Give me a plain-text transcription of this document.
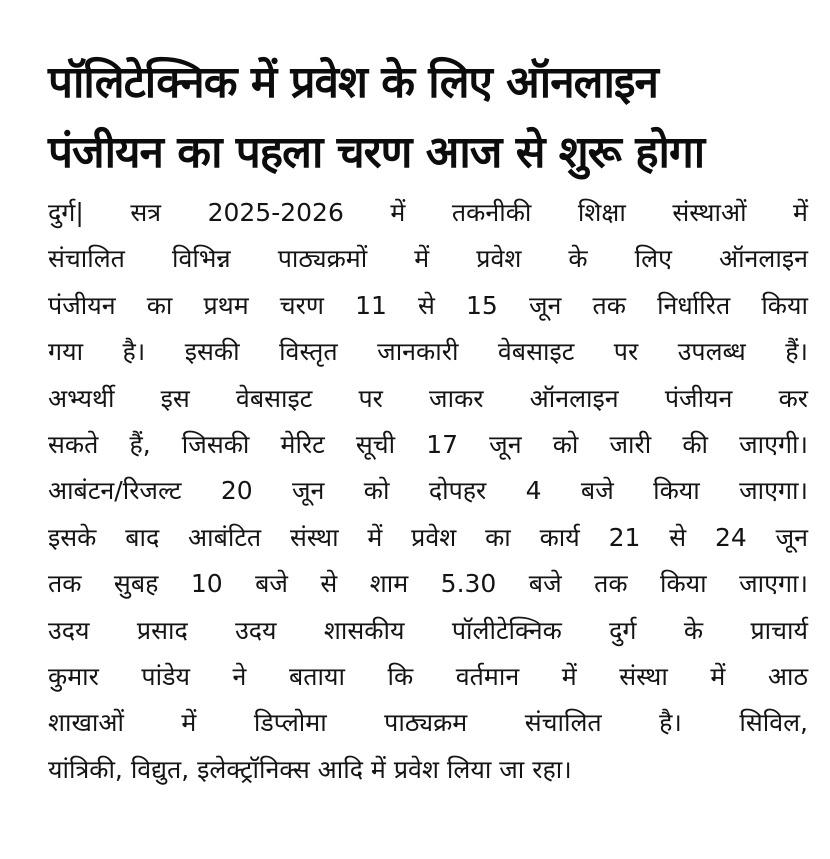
पॉलिटेक्निक में प्रवेश के लिए ऑनलाइन
पंजीयन का पहला चरण आज से शुरू होगा
दुर्ग| सत्र 2025-2026 में तकनीकी शिक्षा संस्थाओं में
संचालित विभिन्न पाठ्यक्रमों में प्रवेश के लिए ऑनलाइन
पंजीयन का प्रथम चरण 11 से 15 जून तक निर्धारित किया
गया है। इसकी विस्तृत जानकारी वेबसाइट पर उपलब्ध हैं।
अभ्यर्थी इस वेबसाइट पर जाकर ऑनलाइन पंजीयन कर
सकते हैं, जिसकी मेरिट सूची 17 जून को जारी की जाएगी।
आबंटन/रिजल्ट 20 जून को दोपहर 4 बजे किया जाएगा।
इसके बाद आबंटित संस्था में प्रवेश का कार्य 21 से 24 जून
तक सुबह 10 बजे से शाम 5.30 बजे तक किया जाएगा।
उदय प्रसाद उदय शासकीय पॉलीटेक्निक दुर्ग के प्राचार्य
कुमार पांडेय ने बताया कि वर्तमान में संस्था में आठ
शाखाओं में डिप्लोमा पाठ्यक्रम संचालित है। सिविल,
यांत्रिकी, विद्युत, इलेक्ट्रॉनिक्स आदि में प्रवेश लिया जा रहा।
